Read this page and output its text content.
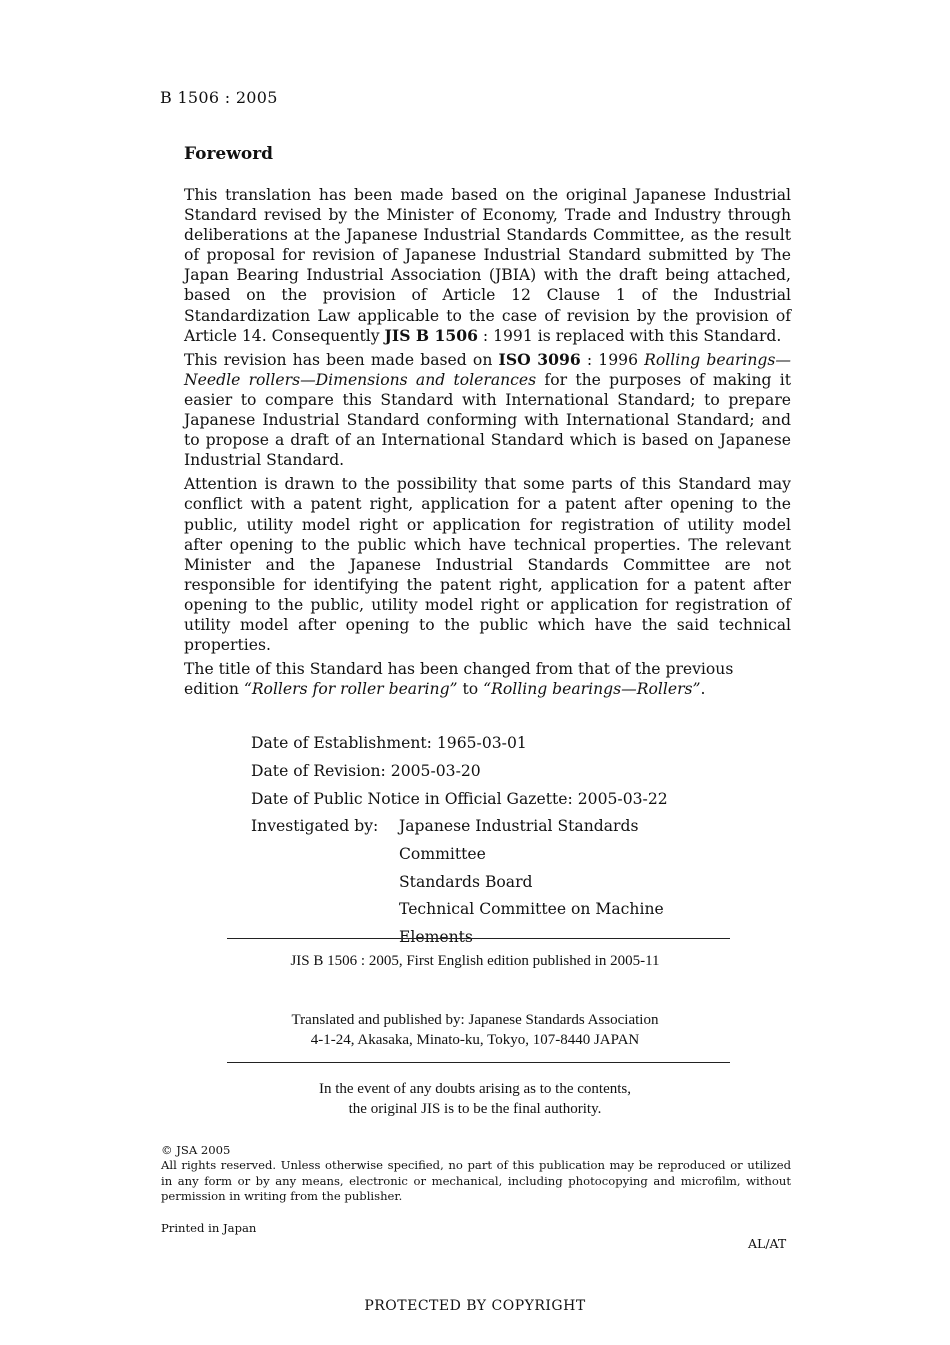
B 1506 : 2005
Foreword

This translation has been made based on the original Japanese Industrial Standard revised by the Minister of Economy, Trade and Industry through deliberations at the Japanese Industrial Standards Committee, as the result of proposal for revision of Japanese Industrial Standard submitted by The Japan Bearing Industrial Association (JBIA) with the draft being attached, based on the provision of Article 12 Clause 1 of the Industrial Standardization Law applicable to the case of revision by the provision of Article 14. Consequently JIS B 1506 : 1991 is replaced with this Standard.

This revision has been made based on ISO 3096 : 1996 Rolling bearings—Needle rollers—Dimensions and tolerances for the purposes of making it easier to compare this Standard with International Standard; to prepare Japanese Industrial Standard conforming with International Standard; and to propose a draft of an International Standard which is based on Japanese Industrial Standard.

Attention is drawn to the possibility that some parts of this Standard may conflict with a patent right, application for a patent after opening to the public, utility model right or application for registration of utility model after opening to the public which have technical properties. The relevant Minister and the Japanese Industrial Standards Committee are not responsible for identifying the patent right, application for a patent after opening to the public, utility model right or application for registration of utility model after opening to the public which have the said technical properties.

The title of this Standard has been changed from that of the previous edition “Rollers for roller bearing” to “Rolling bearings—Rollers”.

Date of Establishment: 1965-03-01
Date of Revision: 2005-03-20
Date of Public Notice in Official Gazette: 2005-03-22
Investigated by:	Japanese Industrial Standards Committee
Standards Board
Technical Committee on Machine Elements
JIS B 1506 : 2005, First English edition published in 2005-11
Translated and published by: Japanese Standards Association
4-1-24, Akasaka, Minato-ku, Tokyo, 107-8440 JAPAN
In the event of any doubts arising as to the contents,
the original JIS is to be the final authority.
© JSA 2005
All rights reserved. Unless otherwise specified, no part of this publication may be reproduced or utilized in any form or by any means, electronic or mechanical, including photocopying and microfilm, without permission in writing from the publisher.
Printed in Japan
AL/AT
PROTECTED BY COPYRIGHT
